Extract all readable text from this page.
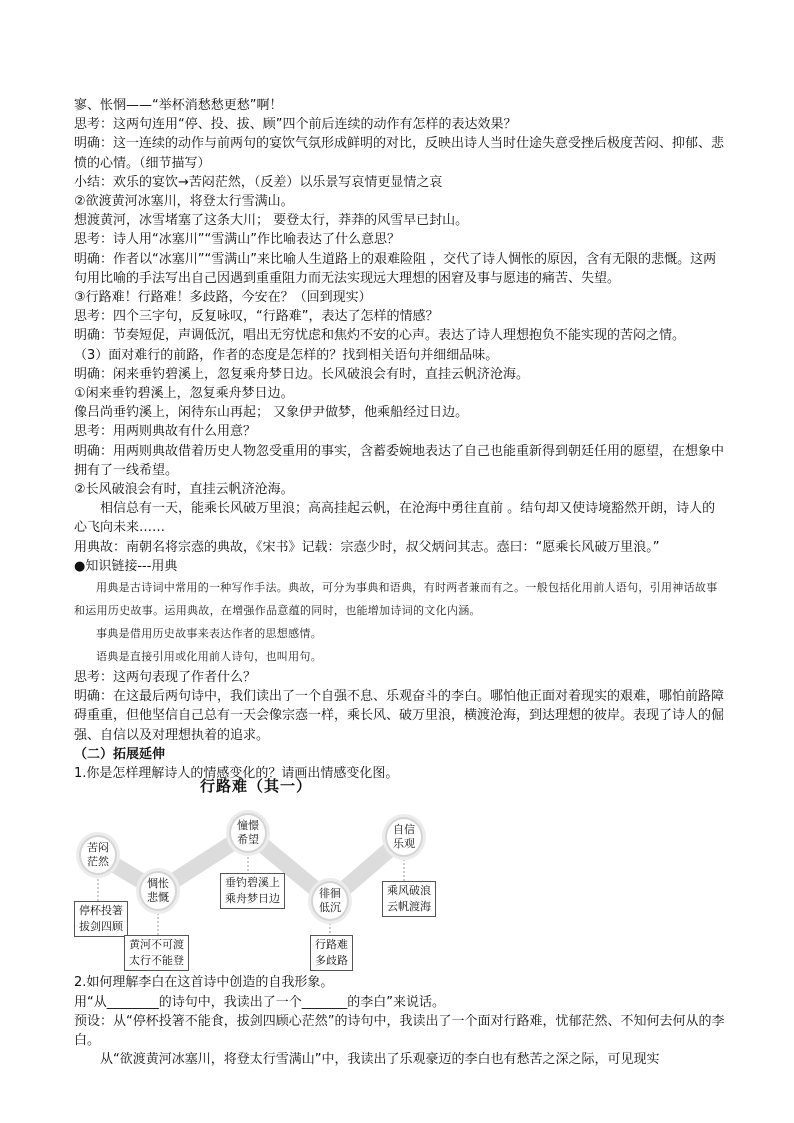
寥、怅惘——“举杯消愁愁更愁”啊！

思考：这两句连用“停、投、拔、顾”四个前后连续的动作有怎样的表达效果？

明确：这一连续的动作与前两句的宴饮气氛形成鲜明的对比，反映出诗人当时仕途失意受挫后极度苦闷、抑郁、悲愤的心情。（细节描写）

小结：欢乐的宴饮→苦闷茫然，（反差）以乐景写哀情更显情之哀

②欲渡黄河冰塞川，将登太行雪满山。

想渡黄河，冰雪堵塞了这条大川； 要登太行，莽莽的风雪早已封山。

思考：诗人用“冰塞川”“雪满山”作比喻表达了什么意思？

明确：作者以“冰塞川”“雪满山”来比喻人生道路上的艰难险阻 ，交代了诗人惆怅的原因，含有无限的悲慨。这两句用比喻的手法写出自己因遇到重重阻力而无法实现远大理想的困窘及事与愿违的痛苦、失望。

③行路难！行路难！多歧路，今安在？（回到现实）

思考：四个三字句，反复咏叹，“行路难”，表达了怎样的情感？

明确：节奏短促，声调低沉，唱出无穷忧虑和焦灼不安的心声。表达了诗人理想抱负不能实现的苦闷之情。

（3）面对难行的前路，作者的态度是怎样的？找到相关语句并细细品味。

明确：闲来垂钓碧溪上，忽复乘舟梦日边。长风破浪会有时，直挂云帆济沧海。

①闲来垂钓碧溪上，忽复乘舟梦日边。

像吕尚垂钓溪上，闲待东山再起； 又象伊尹做梦，他乘船经过日边。

思考：用两则典故有什么用意？

明确：用两则典故借着历史人物忽受重用的事实，含蓄委婉地表达了自己也能重新得到朝廷任用的愿望，在想象中拥有了一线希望。

②长风破浪会有时，直挂云帆济沧海。

相信总有一天，能乘长风破万里浪；高高挂起云帆，在沧海中勇往直前 。结句却又使诗境豁然开朗，诗人的心飞向未来……

用典故：南朝名将宗悫的典故，《宋书》记载：宗悫少时，叔父炳问其志。悫曰：“愿乘长风破万里浪。”

●知识链接---用典

用典是古诗词中常用的一种写作手法。典故，可分为事典和语典，有时两者兼而有之。一般包括化用前人语句，引用神话故事和运用历史故事。运用典故，在增强作品意蕴的同时，也能增加诗词的文化内涵。

事典是借用历史故事来表达作者的思想感情。

语典是直接引用或化用前人诗句，也叫用句。

思考：这两句表现了作者什么？

明确：在这最后两句诗中，我们读出了一个自强不息、乐观奋斗的李白。哪怕他正面对着现实的艰难，哪怕前路障碍重重，但他坚信自己总有一天会像宗悫一样，乘长风、破万里浪，横渡沧海，到达理想的彼岸。表现了诗人的倔强、自信以及对理想执着的追求。

（二）拓展延伸

1.你是怎样理解诗人的情感变化的？请画出情感变化图。

行路难（其一）
苦闷
茫然
惆怅
悲慨
憧憬
希望
徘徊
低沉
自信
乐观
停杯投箸
拔剑四顾
黄河不可渡
太行不能登
垂钓碧溪上
乘舟梦日边
行路难
多歧路
乘风破浪
云帆渡海

2.如何理解李白在这首诗中创造的自我形象。

用“从________的诗句中，我读出了一个_______的李白”来说话。

预设：从“停杯投箸不能食，拔剑四顾心茫然”的诗句中，我读出了一个面对行路难，忧郁茫然、不知何去何从的李白。

从“欲渡黄河冰塞川，将登太行雪满山”中，我读出了乐观豪迈的李白也有愁苦之深之际，可见现实
